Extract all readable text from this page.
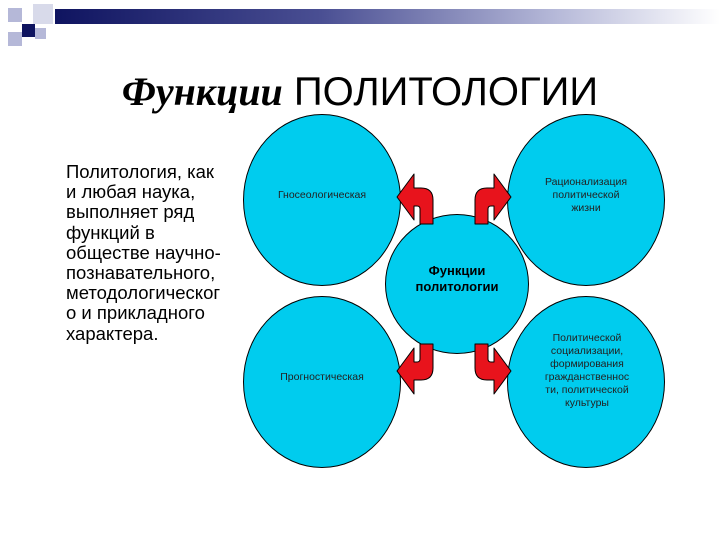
Функции ПОЛИТОЛОГИИ
Политология, как
и любая наука,
выполняет ряд
функций в
обществе научно-
познавательного,
методологическог
о и прикладного
характера.
Гносеологическая
Рационализация
политической
жизни
Прогностическая
Политической
социализации,
формирования
гражданственнос
ти, политической
культуры
Функции
политологии
